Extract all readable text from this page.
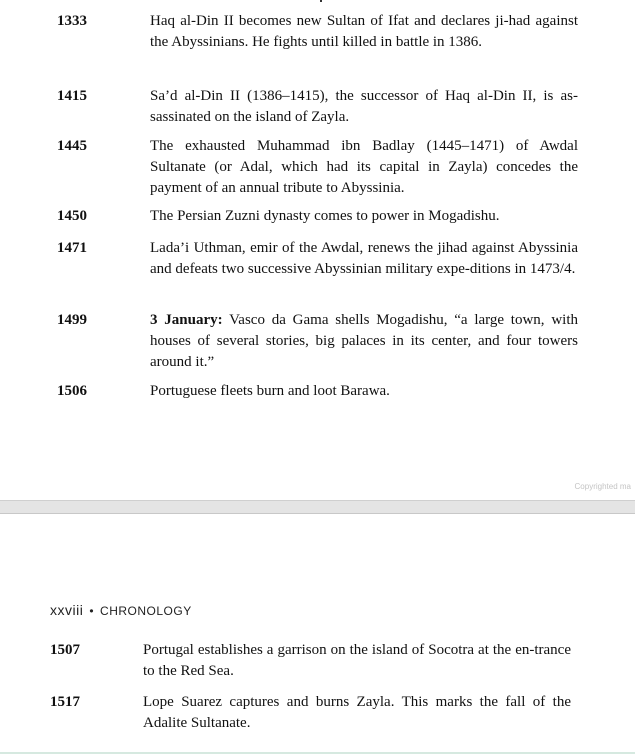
1333	Haq al-Din II becomes new Sultan of Ifat and declares ji-had against the Abyssinians. He fights until killed in battle in 1386.
1415	Sa’d al-Din II (1386–1415), the successor of Haq al-Din II, is as-sassinated on the island of Zayla.
1445	The exhausted Muhammad ibn Badlay (1445–1471) of Awdal Sultanate (or Adal, which had its capital in Zayla) concedes the payment of an annual tribute to Abyssinia.
1450	The Persian Zuzni dynasty comes to power in Mogadishu.
1471	Lada’i Uthman, emir of the Awdal, renews the jihad against Abyssinia and defeats two successive Abyssinian military expe-ditions in 1473/4.
1499	3 January: Vasco da Gama shells Mogadishu, “a large town, with houses of several stories, big palaces in its center, and four towers around it.”
1506	Portuguese fleets burn and loot Barawa.
Copyrighted ma
xxviii • CHRONOLOGY
1507	Portugal establishes a garrison on the island of Socotra at the en-trance to the Red Sea.
1517	Lope Suarez captures and burns Zayla. This marks the fall of the Adalite Sultanate.
